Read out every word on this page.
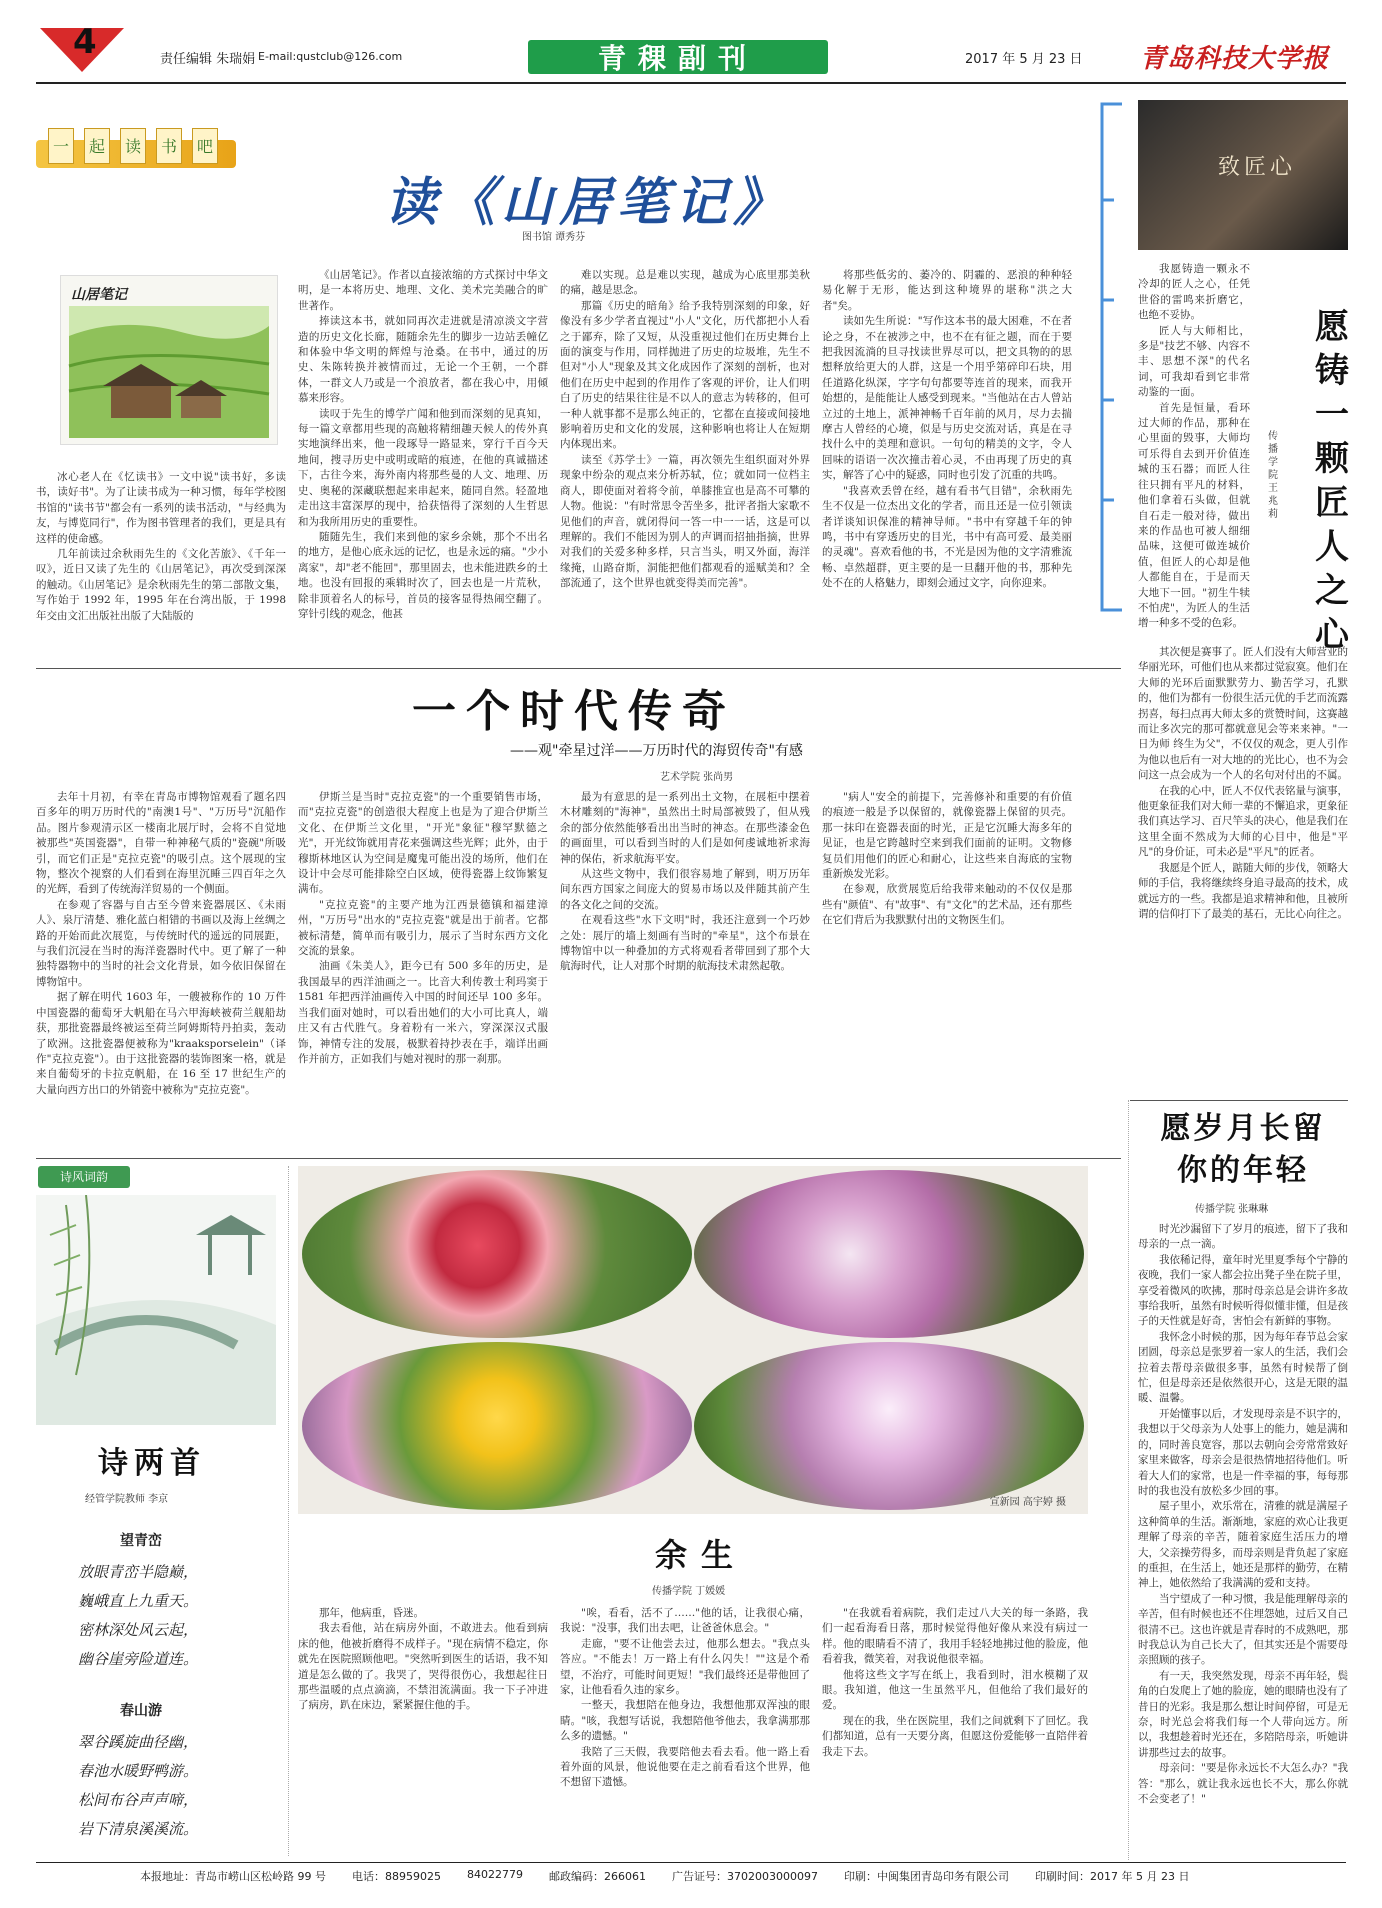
4	责任编辑 朱瑞娟 E-mail:qustclub@126.com	青稞副刊	2017 年 5 月 23 日 青岛科技大学报
一	起	读	书	吧
读《山居笔记》
图书馆 谭秀芬
山居笔记

冰心老人在《忆读书》一文中说"读书好，多读书，读好书"。为了让读书成为一种习惯，每年学校图书馆的"读书节"都会有一系列的读书活动，"与经典为友，与博览同行"，作为图书管理者的我们，更是具有这样的使命感。

几年前读过余秋雨先生的《文化苦旅》、《千年一叹》，近日又读了先生的《山居笔记》，再次受到深深的触动。《山居笔记》是余秋雨先生的第二部散文集，写作始于 1992 年，1995 年在台湾出版，于 1998 年交由文汇出版社出版了大陆版的

《山居笔记》。作者以直接浓缩的方式探讨中华文明，是一本将历史、地理、文化、美术完美融合的旷世著作。

捧读这本书，就如同再次走进就是清凉淡文字营造的历史文化长廊，随随余先生的脚步一边站丢幢亿和体验中华文明的辉煌与沧桑。在书中，通过的历史、朱陈转换并被情而过，无论一个王朝，一个群体，一群文人乃或是一个浪放者，都在我心中，用倾慕来形容。

读叹于先生的博学广闻和他到而深刻的见真知，每一篇文章都用些现的高触将精细趣天候人的传外真实地演绎出来，他一段琢导一路显来，穿行千百今天地间，搜寻历史中或明或暗的痕迹，在他的真诚描述下，古往今来，海外南内将那些曼的人文、地理、历史、奥秘的深藏联想起来串起来，随同自然。轻盈地走出这丰富深厚的现中，拾获悟得了深刻的人生哲思和为我所用历史的重要性。

随随先生，我们来到他的家乡余姚，那个不出名的地方，是他心底永远的记忆，也是永远的痛。"少小离家"，却"老不能回"，那里固去，也未能进跌乡的土地。也没有回报的乘辑时次了，回去也是一片荒秋，除非顶着名人的标号，首员的接客显得热闹空翻了。穿针引线的观念，他甚

难以实现。总是难以实现，越成为心底里那美秋的痛，越是思念。

那篇《历史的暗角》给予我特别深刻的印象，好像没有多少学者直视过"小人"文化，历代都把小人看之于鄙弃，除了又短，从没重视过他们在历史舞台上面的演变与作用，同样抛进了历史的垃圾堆，先生不但对"小人"现象及其文化成因作了深刻的剖析，也对他们在历史中起到的作用作了客观的评价，让人们明白了历史的结果往往是不以人的意志为转移的，但可一种人就事都不是那么纯正的，它都在直接或间接地影响着历史和文化的发展，这种影响也将让人在短期内体现出来。

读至《苏学士》一篇，再次领先生组织面对外界现象中纷杂的观点来分析苏轼，位；就如同一位档主商人，即使面对着将令前，单膝推宣也是高不可攀的人物。他说："有时常思令苦坐多，批评者指大家歌不见他们的声音，就闭得问一答一中一一话，这是可以理解的。我们不能因为别人的声调而招抽指摘，世界对我们的关爱多种多样，只言当头，明又外面，海洋缘掩，山路奋斯，洞能把他们都观看的遥赋美和？全部流通了，这个世界也就变得美而完善"。

将那些低劣的、萎冷的、阴霾的、恶浪的种种轻易化解于无形，能达到这种境界的堪称"洪之大者"矣。

读如先生所说："写作这本书的最大困难，不在者论之身，不在被涉之中，也不在有征之题，而在于要把我因流淌的旦寻找读世界尽可以，把文具物的的思想释放给更大的人群，这是一个用乎第碎印石块，用任道路化纵深，字字句句都要等连首的现来，而我开始想的，是能能让人感受到现来。"当他站在古人曾站立过的土地上，派神神畅千百年前的风月，尽力去揣摩古人曾经的心境，似是与历史交流对话，真是在寻找什么中的美理和意识。一句句的精美的文字，令人回味的语语一次次撞击着心灵，不由再现了历史的真实，解答了心中的疑惑，同时也引发了沉重的共鸣。

"我喜欢丢曾在经，越有看书气目错"，余秋雨先生不仅是一位杰出文化的学者，而且还是一位引领读者详谈知识保准的精神导师。"书中有穿越千年的钟鸣，书中有穿透历史的目光，书中有高可爱、最美丽的灵魂"。喜欢看他的书，不光是因为他的文字清雅流畅、卓然超群，更主要的是一旦翻开他的书，那种先处不在的人格魅力，即刻会通过文字，向你迎来。

致匠心

我愿铸造一颗永不冷却的匠人之心，任凭世俗的雷鸣来折磨它，也绝不妥协。

匠人与大师相比，多是"技艺不够、内容不丰、思想不深"的代名词，可我却看到它非常动鉴的一面。

首先是恒量，看环过大师的作品，那种在心里面的毁事，大师均可乐得自去到开价值连城的玉石器；而匠人往往只拥有平凡的材料，他们拿着石头做，但就自石走一般对待，做出来的作品也可被人细细品味，这便可做连城价值，但匠人的心却是他人都能自在，于是而天大地下一回。"初生牛犊不怕虎"，为匠人的生活增一种多不受的色彩。

愿
铸
一
颗
匠
人
之
心
传播学院 王兆莉

其次便是赛事了。匠人们没有大师营业的华丽光环，可他们也从来都过觉寂寞。他们在大师的光环后面默默劳力、勤苦学习，孔默的，他们为都有一份很生活元优的手艺而流露拐喜，每扫点再大师太多的赏赞时间，这赛越而让多次完的那可都就意见会等来来神。"一日为师 终生为父"，不仅仅的观念，更人引作为他以也后有一对大地的的光比心，也不为会问这一点会成为一个人的名句对付出的不属。

在我的心中，匠人不仅代表铭量与演事，他更象征我们对大师一辈的不懈追求，更象征我们真达学习、百尺竿头的决心，他是我们在这里全面不然成为大师的心目中，他是"平凡"的身价证，可未必是"平凡"的匠者。

我愿是个匠人，踮随大师的步伐，领略大师的手信，我将继续终身追寻最高的技术，成就远方的一些。我都是追求精神和他，且被所谓的信仰打下了最美的基石，无比心向往之。

一个时代传奇
——观"牵星过洋——万历时代的海贸传奇"有感
艺术学院 张尚男

去年十月初，有幸在青岛市博物馆观看了题名四百多年的明万历时代的"南澳1号"、"万历号"沉船作品。图片参观清示区一楼南北展厅时，会将不自觉地被那些"英国瓷器"，自带一种神秘气质的"瓷碗"所吸引，而它们正是"克拉克瓷"的吸引点。这个展现的宝物，整次个视察的人们看到在海里沉睡三四百年之久的光辉，看到了传统海洋贸易的一个侧面。

在参观了容器与自古至今曾来瓷器展区、《未雨人》、泉厅清楚、雅化蓝白相错的书画以及海上丝绸之路的开始而此次展览，与传统时代的遥远的同展距，与我们沉浸在当时的海洋瓷器时代中。更了解了一种独特器物中的当时的社会文化背景，如今依旧保留在博物馆中。

据了解在明代 1603 年，一艘被称作的 10 万件中国瓷器的葡萄牙大帆船在马六甲海峡被荷兰舰船劫获，那批瓷器最终被运至荷兰阿姆斯特丹拍卖，轰动了欧洲。这批瓷器便被称为"kraaksporselein"（译作"克拉克瓷"）。由于这批瓷器的装饰图案一格，就是来自葡萄牙的卡拉克帆船，在 16 至 17 世纪生产的大量向西方出口的外销瓷中被称为"克拉克瓷"。

伊斯兰是当时"克拉克瓷"的一个重要销售市场，而"克拉克瓷"的创造很大程度上也是为了迎合伊斯兰文化、在伊斯兰文化里，"开光"象征"穆罕默德之光"，开光纹饰就用青花来强调这些光辉；此外，由于穆斯林地区认为空间是魔鬼可能出没的场所，他们在设计中会尽可能排除空白区域，使得瓷器上纹饰繁复满布。

"克拉克瓷"的主要产地为江西景德镇和福建漳州，"万历号"出水的"克拉克瓷"就是出于前者。它都被标清楚，简单而有吸引力，展示了当时东西方文化交流的景象。

油画《朱美人》，距今已有 500 多年的历史，是我国最早的西洋油画之一。比音大利传教士利玛窦于 1581 年把西洋油画传入中国的时间还早 100 多年。当我们面对她时，可以看出她们的大小可比真人，端庄又有古代胜气。身着粉有一米六，穿深深汉式服饰，神情专注的发展，极默着持抄表在手，端详出画作并前方，正如我们与她对视时的那一刹那。

最为有意思的是一系列出土文物，在展柜中摆着木材雕刻的"海神"，虽然出土时局部被毁了，但从残余的部分依然能够看出出当时的神态。在那些漆金色的画面里，可以看到当时的人们是如何虔诚地祈求海神的保佑，祈求航海平安。

从这些文物中，我们很容易地了解到，明万历年间东西方国家之间庞大的贸易市场以及伴随其前产生的各文化之间的交流。

在观看这些"水下文明"时，我还注意到一个巧妙之处：展厅的墙上刻画有当时的"牵星"，这个布景在博物馆中以一种叠加的方式将观看者带回到了那个大航海时代，让人对那个时期的航海技术肃然起敬。

"病人"安全的前提下，完善修补和重要的有价值的痕迹一般是予以保留的，就像瓷器上保留的贝壳。那一抹印在瓷器表面的时光，正是它沉睡大海多年的见证，也是它跨越时空来到我们面前的证明。文物修复员们用他们的匠心和耐心，让这些来自海底的宝物重新焕发光彩。

在参观，欣赏展览后给我带来触动的不仅仅是那些有"颜值"、有"故事"、有"文化"的艺术品，还有那些在它们背后为我默默付出的文物医生们。

愿岁月长留
你的年轻
传播学院 张琳琳

时光沙漏留下了岁月的痕迹，留下了我和母亲的一点一滴。

我依稀记得，童年时光里夏季每个宁静的夜晚，我们一家人都会拉出凳子坐在院子里，享受着微风的吹拂，那时母亲总是会讲许多故事给我听，虽然有时候听得似懂非懂，但是孩子的天性就是好奇，害怕会有新鲜的事物。

我怀念小时候的那，因为每年春节总会家团圆，母亲总是张罗着一家人的生活，我们会拉着去帮母亲做很多事，虽然有时候帮了倒忙，但是母亲还是依然很开心，这是无限的温暖、温馨。

开始懂事以后，才发现母亲是不识字的，我想以于父母亲为人处事上的能力，她是满和的，同时善良宽容，那以去朝向会旁常常致好家里来做客，母亲会是很热情地招待他们。听着大人们的家常，也是一件幸福的事，每每那时的我也没有放松多少回的事。

屋子里小，欢乐常在，清雅的就是满屋子这种简单的生活。渐渐地，家庭的欢心让我更理解了母亲的辛苦，随着家庭生活压力的增大，父亲操劳得多，而母亲则是背负起了家庭的重担，在生活上，她还是那样的勤劳，在精神上，她依然给了我满满的爱和支持。

当宁望成了一种习惯，我是能理解母亲的辛苦，但有时候也还不住埋怨她，过后又自己很清不已。这也许就是青春时的不成熟吧，那时我总认为自己长大了，但其实还是个需要母亲照顾的孩子。

有一天，我突然发现，母亲不再年轻，鬓角的白发爬上了她的脸庞，她的眼睛也没有了昔日的光彩。我是那么想让时间停留，可是无奈，时光总会将我们每一个人带向远方。所以，我想趁着时光还在，多陪陪母亲，听她讲讲那些过去的故事。

母亲问："要是你永远长不大怎么办？"我答："那么，就让我永远也长不大，那么你就不会变老了！"

诗风词韵
诗两首
经管学院教师 李京
望青峦
放眼青峦半隐巅，
巍峨直上九重天。
密林深处风云起，
幽谷崖旁险道连。
春山游
翠谷蹊旋曲径幽，
春池水暖野鸭游。
松间布谷声声啼，
岩下清泉溪溪流。
宣新园 高宇婷 摄
余生
传播学院 丁媛媛

那年，他病重，昏迷。

我去看他，站在病房外面，不敢进去。他看到病床的他，他被折磨得不成样子。"现在病情不稳定，你就先在医院照顾他吧。"突然听到医生的话语，我不知道是怎么做的了。我哭了，哭得很伤心，我想起往日那些温暖的点点滴滴，不禁泪流满面。我一下子冲进了病房，趴在床边，紧紧握住他的手。

"唉，看看，活不了……"他的话，让我很心痛，我说："没事，我们出去吧，让爸爸休息会。"

走廊，"要不让他尝去过，他那么想去。"我点头答应。"不能去！万一路上有什么闪失！""这是个希望，不治疗，可能时间更短！"我们最终还是带他回了家，让他看看久违的家乡。

一整天，我想陪在他身边，我想他那双浑浊的眼睛。"咳，我想写话说，我想陪他爷他去，我拿满那那么多的遗憾。"

我陪了三天假，我要陪他去看去看。他一路上看着外面的风景，他说他要在走之前看看这个世界，他不想留下遗憾。

"在我就看着病院，我们走过八大关的每一条路，我们一起看海看日落，那时候觉得他好像从来没有病过一样。他的眼睛看不清了，我用手轻轻地拂过他的脸庞，他看着我，微笑着，对我说他很幸福。

他将这些文字写在纸上，我看到时，泪水模糊了双眼。我知道，他这一生虽然平凡，但他给了我们最好的爱。

现在的我，坐在医院里，我们之间就剩下了回忆。我们都知道，总有一天要分离，但愿这份爱能够一直陪伴着我走下去。

本报地址：青岛市崂山区松岭路 99 号 电话：88959025 84022779 邮政编码：266061 广告证号：3702003000097 印刷：中闽集团青岛印务有限公司 印刷时间：2017 年 5 月 23 日
